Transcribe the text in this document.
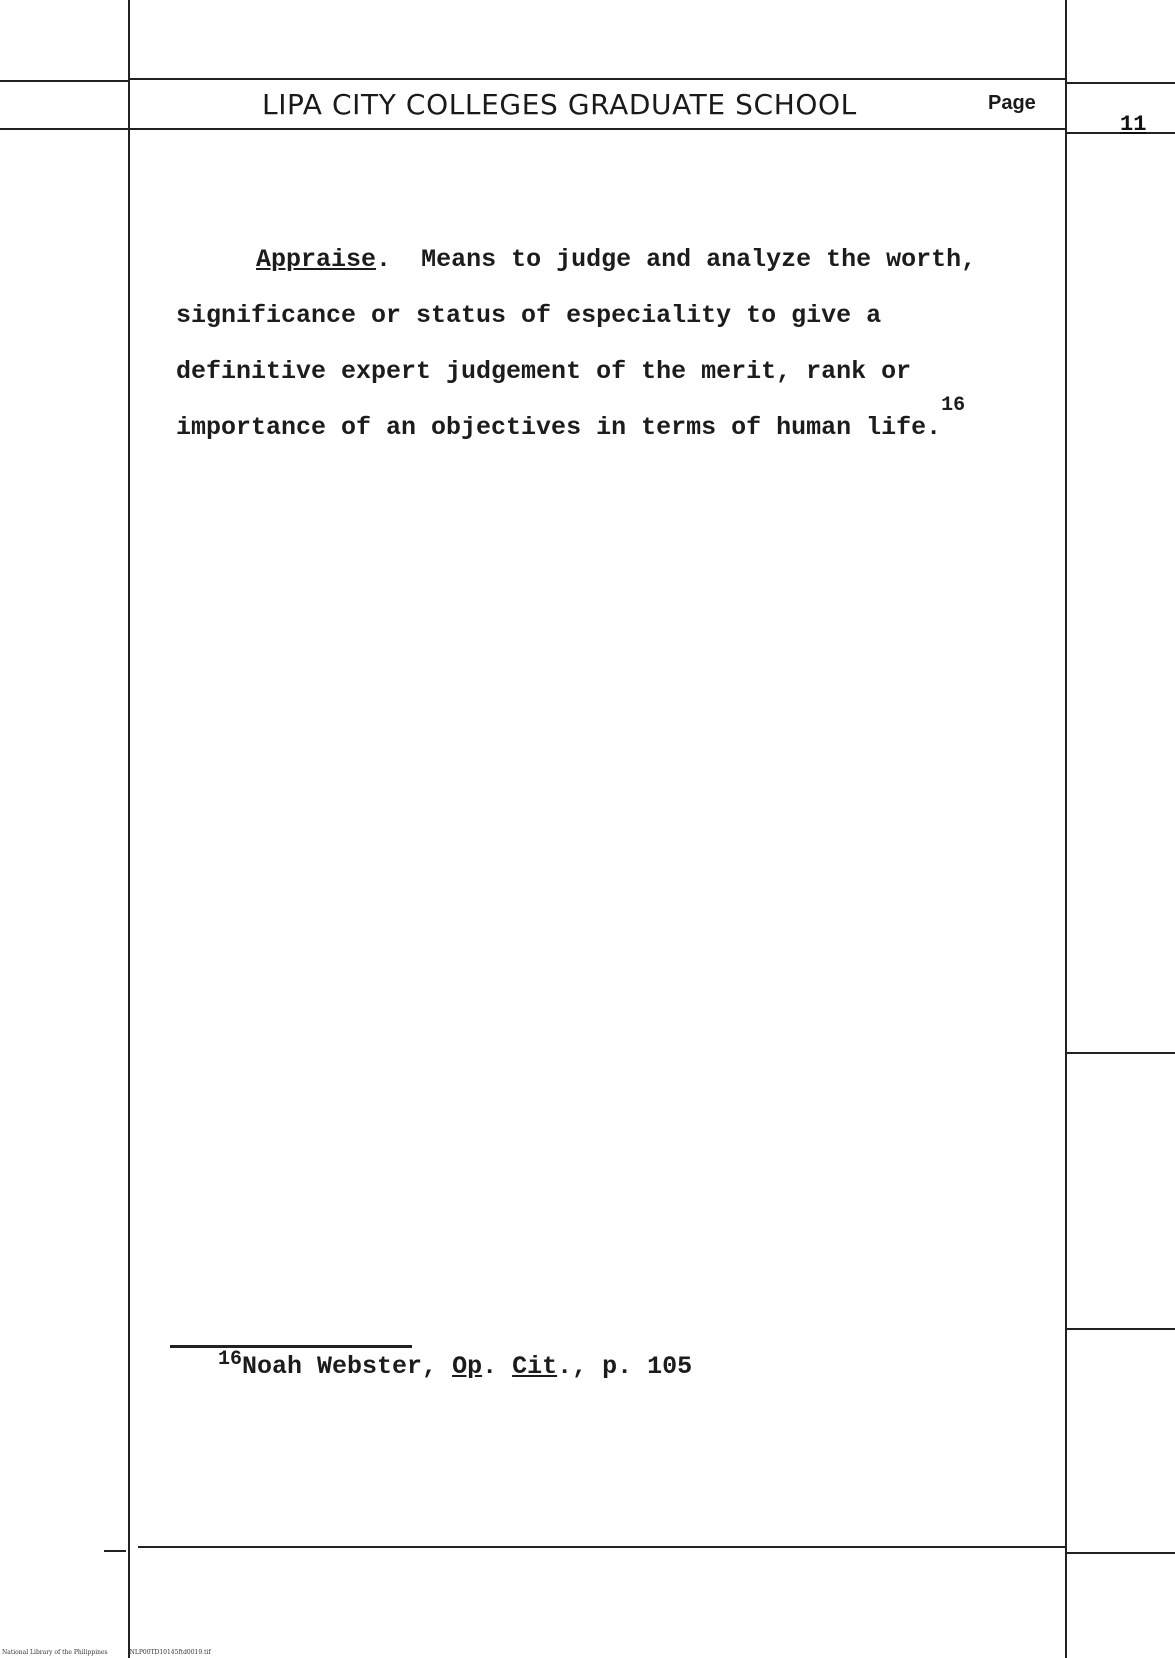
LIPA CITY COLLEGES GRADUATE SCHOOL	Page
11
Appraise. Means to judge and analyze the worth,
significance or status of especiality to give a
definitive expert judgement of the merit, rank or
importance of an objectives in terms of human life.$^{16}$
$^{16}$Noah Webster, Op. Cit., p. 105
National Library of the Philippines	NLP00TD10145ftd0019.tif
